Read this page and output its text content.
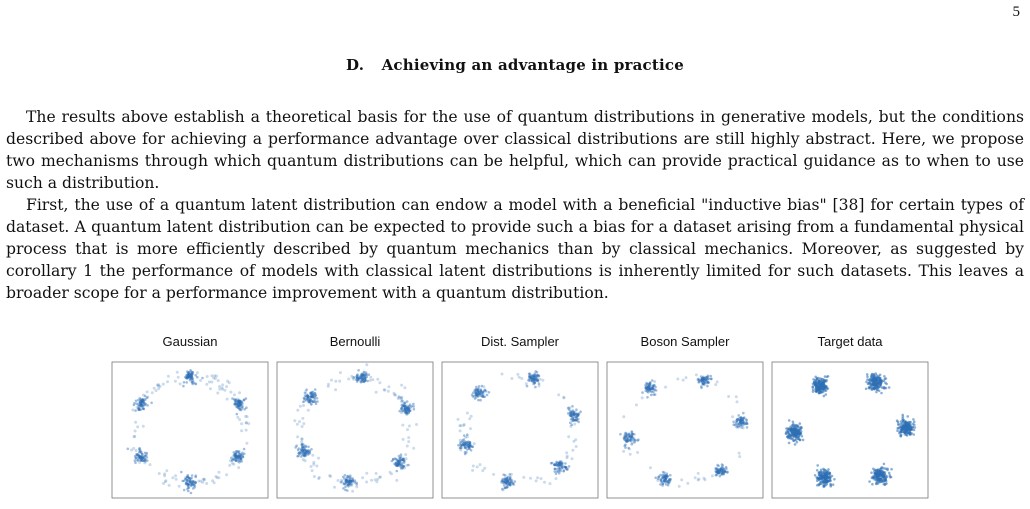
5
D. Achieving an advantage in practice

The results above establish a theoretical basis for the use of quantum distributions in generative models, but the conditions described above for achieving a performance advantage over classical distributions are still highly abstract. Here, we propose two mechanisms through which quantum distributions can be helpful, which can provide practical guidance as to when to use such a distribution.

First, the use of a quantum latent distribution can endow a model with a beneficial "inductive bias" [38] for certain types of dataset. A quantum latent distribution can be expected to provide such a bias for a dataset arising from a fundamental physical process that is more efficiently described by quantum mechanics than by classical mechanics. Moreover, as suggested by corollary 1 the performance of models with classical latent distributions is inherently limited for such datasets. This leaves a broader scope for a performance improvement with a quantum distribution.

Gaussian	Bernoulli	Dist. Sampler	Boson Sampler	Target data
